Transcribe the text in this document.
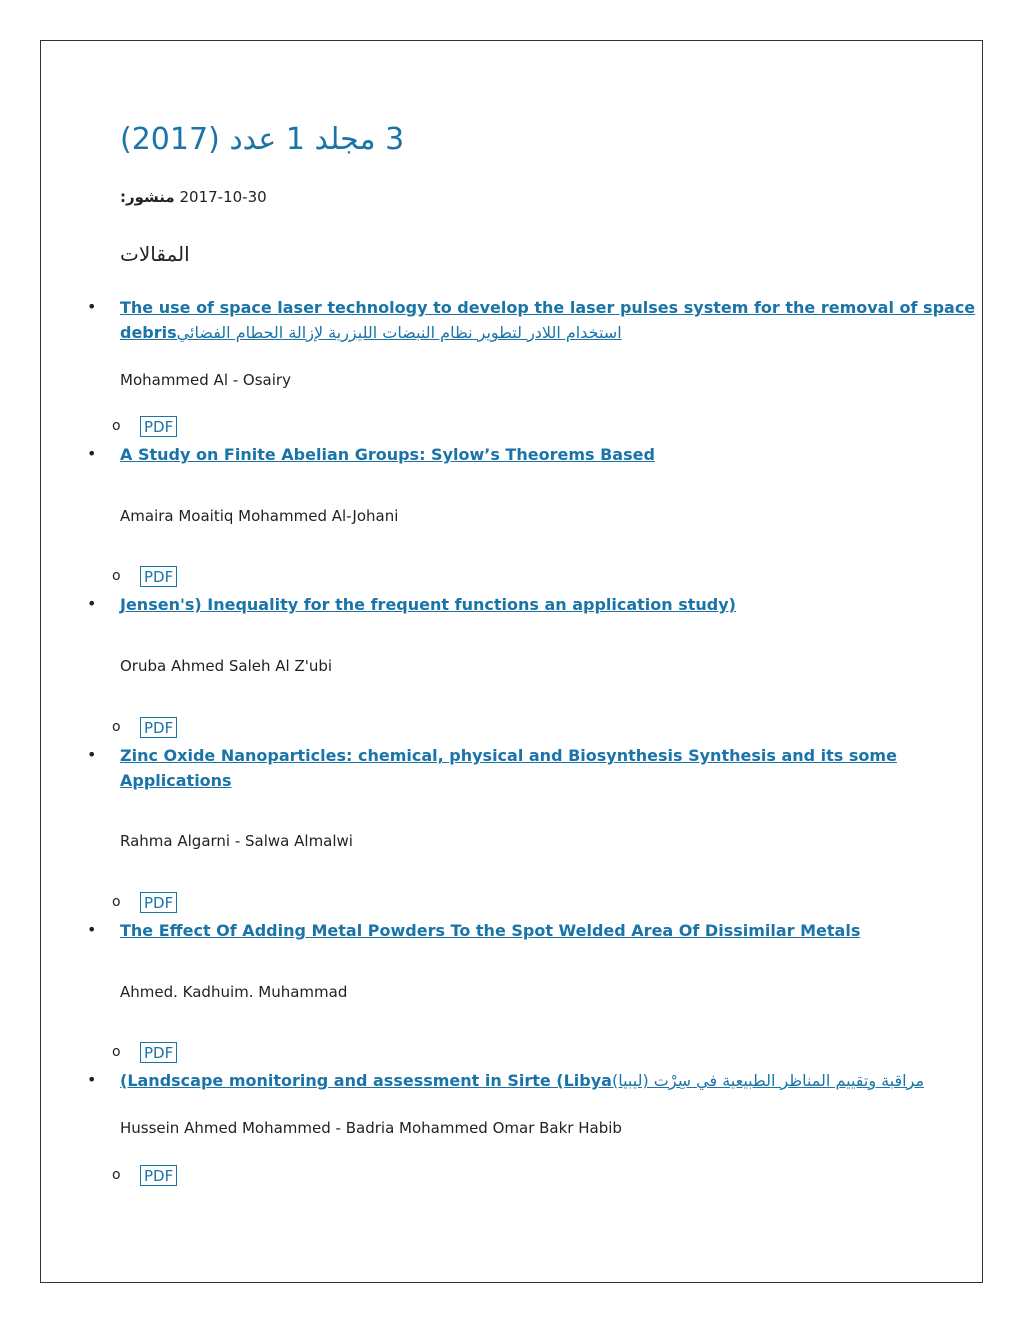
3 مجلد 1 عدد (2017)
منشور: 2017-10-30
المقالات
• The use of space laser technology to develop the laser pulses system for the removal of space
debrisاستخدام اللادر لتطوير نظام النبضات الليزرية لإزالة الحطام الفضائي
Mohammed Al - Osairy
o PDF
• A Study on Finite Abelian Groups: Sylow’s Theorems Based
Amaira Moaitiq Mohammed Al-Johani
o PDF
• Jensen's) Inequality for the frequent functions an application study)
Oruba Ahmed Saleh Al Z'ubi
o PDF
• Zinc Oxide Nanoparticles: chemical, physical and Biosynthesis Synthesis and its some
Applications
Rahma Algarni - Salwa Almalwi
o PDF
• The Effect Of Adding Metal Powders To the Spot Welded Area Of Dissimilar Metals
Ahmed. Kadhuim. Muhammad
o PDF
• (Landscape monitoring and assessment in Sirte (Libyaمراقبة وتقييم المناظر الطبيعية في سِرْت (ليبيا)
Hussein Ahmed Mohammed - Badria Mohammed Omar Bakr Habib
o PDF
